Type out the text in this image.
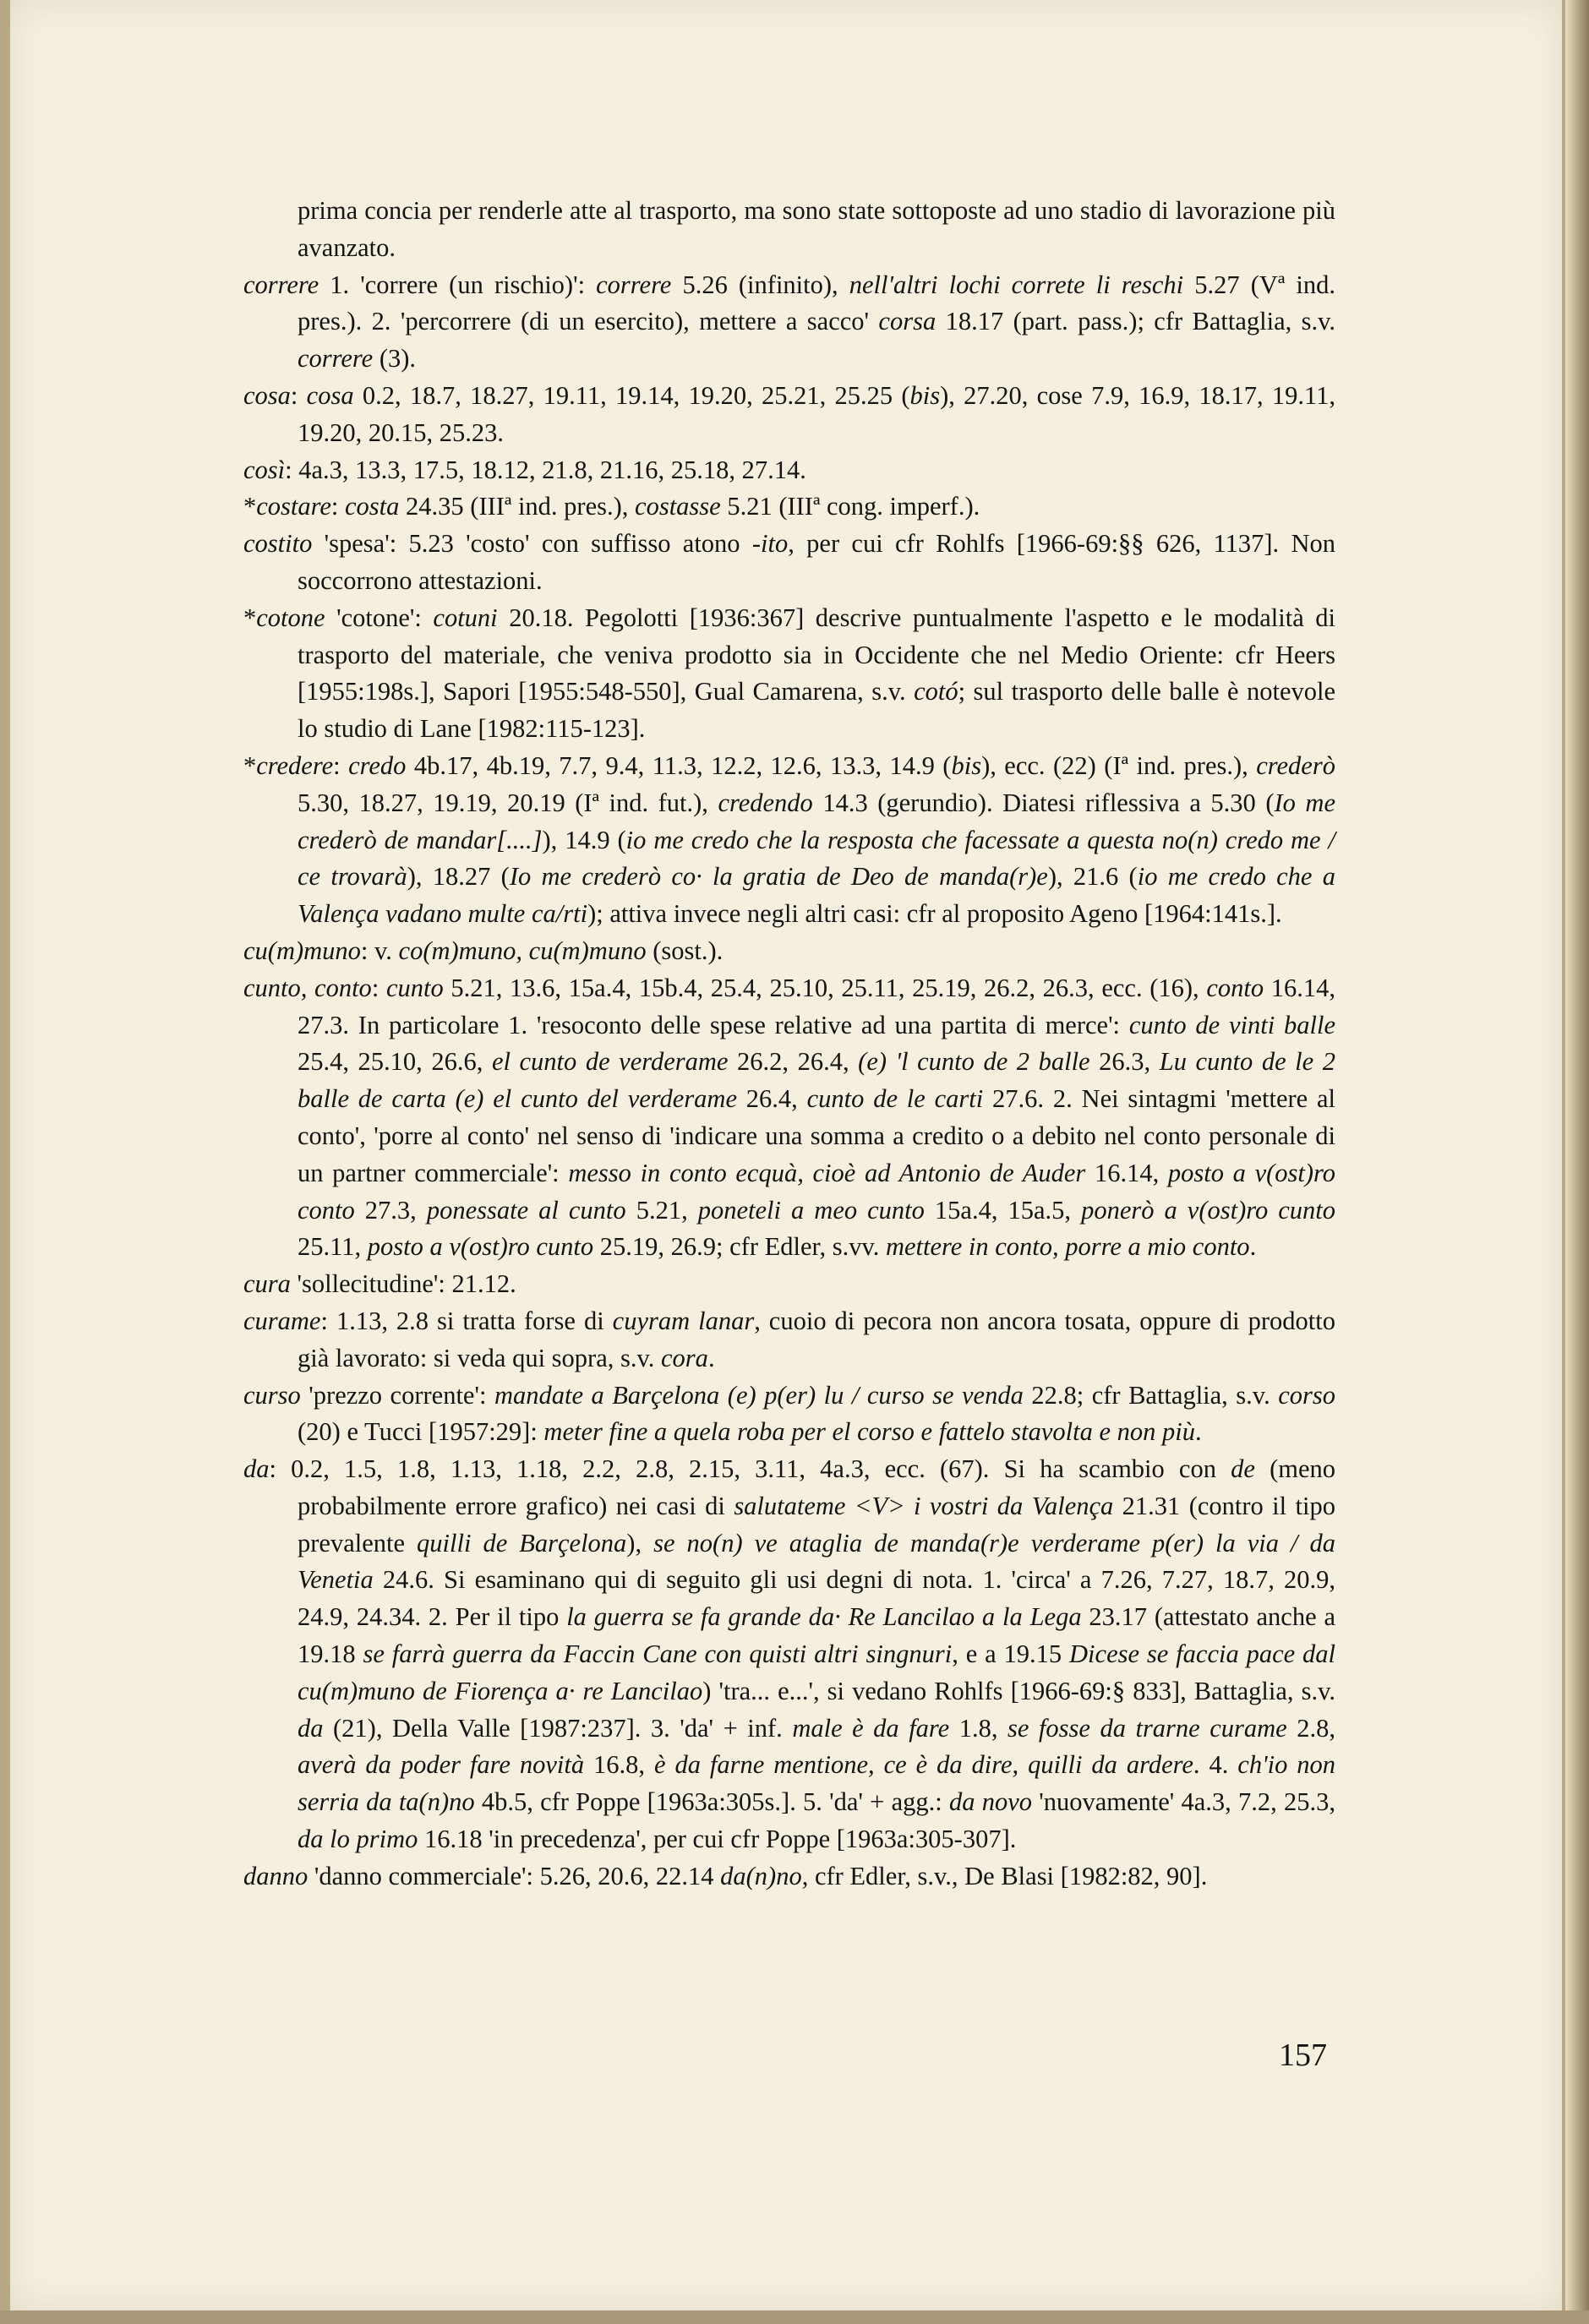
prima concia per renderle atte al trasporto, ma sono state sottoposte ad uno stadio di lavorazione più avanzato.

correre 1. 'correre (un rischio)': correre 5.26 (infinito), nell'altri lochi correte li reschi 5.27 (Vª ind. pres.). 2. 'percorrere (di un esercito), mettere a sacco' corsa 18.17 (part. pass.); cfr Battaglia, s.v. correre (3).

cosa: cosa 0.2, 18.7, 18.27, 19.11, 19.14, 19.20, 25.21, 25.25 (bis), 27.20, cose 7.9, 16.9, 18.17, 19.11, 19.20, 20.15, 25.23.

così: 4a.3, 13.3, 17.5, 18.12, 21.8, 21.16, 25.18, 27.14.

*costare: costa 24.35 (IIIª ind. pres.), costasse 5.21 (IIIª cong. imperf.).

costito 'spesa': 5.23 'costo' con suffisso atono -ito, per cui cfr Rohlfs [1966-69:§§ 626, 1137]. Non soccorrono attestazioni.

*cotone 'cotone': cotuni 20.18. Pegolotti [1936:367] descrive puntualmente l'aspetto e le modalità di trasporto del materiale, che veniva prodotto sia in Occidente che nel Medio Oriente: cfr Heers [1955:198s.], Sapori [1955:548-550], Gual Camarena, s.v. cotó; sul trasporto delle balle è notevole lo studio di Lane [1982:115-123].

*credere: credo 4b.17, 4b.19, 7.7, 9.4, 11.3, 12.2, 12.6, 13.3, 14.9 (bis), ecc. (22) (Iª ind. pres.), crederò 5.30, 18.27, 19.19, 20.19 (Iª ind. fut.), credendo 14.3 (gerundio). Diatesi riflessiva a 5.30 (Io me crederò de mandar[....]), 14.9 (io me credo che la resposta che facessate a questa no(n) credo me / ce trovarà), 18.27 (Io me crederò co· la gratia de Deo de manda(r)e), 21.6 (io me credo che a Valença vadano multe ca/rti); attiva invece negli altri casi: cfr al proposito Ageno [1964:141s.].

cu(m)muno: v. co(m)muno, cu(m)muno (sost.).

cunto, conto: cunto 5.21, 13.6, 15a.4, 15b.4, 25.4, 25.10, 25.11, 25.19, 26.2, 26.3, ecc. (16), conto 16.14, 27.3. In particolare 1. 'resoconto delle spese relative ad una partita di merce': cunto de vinti balle 25.4, 25.10, 26.6, el cunto de verderame 26.2, 26.4, (e) 'l cunto de 2 balle 26.3, Lu cunto de le 2 balle de carta (e) el cunto del verderame 26.4, cunto de le carti 27.6. 2. Nei sintagmi 'mettere al conto', 'porre al conto' nel senso di 'indicare una somma a credito o a debito nel conto personale di un partner commerciale': messo in conto ecquà, cioè ad Antonio de Auder 16.14, posto a v(ost)ro conto 27.3, ponessate al cunto 5.21, poneteli a meo cunto 15a.4, 15a.5, ponerò a v(ost)ro cunto 25.11, posto a v(ost)ro cunto 25.19, 26.9; cfr Edler, s.vv. mettere in conto, porre a mio conto.

cura 'sollecitudine': 21.12.

curame: 1.13, 2.8 si tratta forse di cuyram lanar, cuoio di pecora non ancora tosata, oppure di prodotto già lavorato: si veda qui sopra, s.v. cora.

curso 'prezzo corrente': mandate a Barçelona (e) p(er) lu / curso se venda 22.8; cfr Battaglia, s.v. corso (20) e Tucci [1957:29]: meter fine a quela roba per el corso e fattelo stavolta e non più.

da: 0.2, 1.5, 1.8, 1.13, 1.18, 2.2, 2.8, 2.15, 3.11, 4a.3, ecc. (67). Si ha scambio con de (meno probabilmente errore grafico) nei casi di salutateme <V> i vostri da Valença 21.31 (contro il tipo prevalente quilli de Barçelona), se no(n) ve ataglia de manda(r)e verderame p(er) la via / da Venetia 24.6. Si esaminano qui di seguito gli usi degni di nota. 1. 'circa' a 7.26, 7.27, 18.7, 20.9, 24.9, 24.34. 2. Per il tipo la guerra se fa grande da· Re Lancilao a la Lega 23.17 (attestato anche a 19.18 se farrà guerra da Faccin Cane con quisti altri singnuri, e a 19.15 Dicese se faccia pace dal cu(m)muno de Fiorença a· re Lancilao) 'tra... e...', si vedano Rohlfs [1966-69:§ 833], Battaglia, s.v. da (21), Della Valle [1987:237]. 3. 'da' + inf. male è da fare 1.8, se fosse da trarne curame 2.8, averà da poder fare novità 16.8, è da farne mentione, ce è da dire, quilli da ardere. 4. ch'io non serria da ta(n)no 4b.5, cfr Poppe [1963a:305s.]. 5. 'da' + agg.: da novo 'nuovamente' 4a.3, 7.2, 25.3, da lo primo 16.18 'in precedenza', per cui cfr Poppe [1963a:305-307].

danno 'danno commerciale': 5.26, 20.6, 22.14 da(n)no, cfr Edler, s.v., De Blasi [1982:82, 90].

157
